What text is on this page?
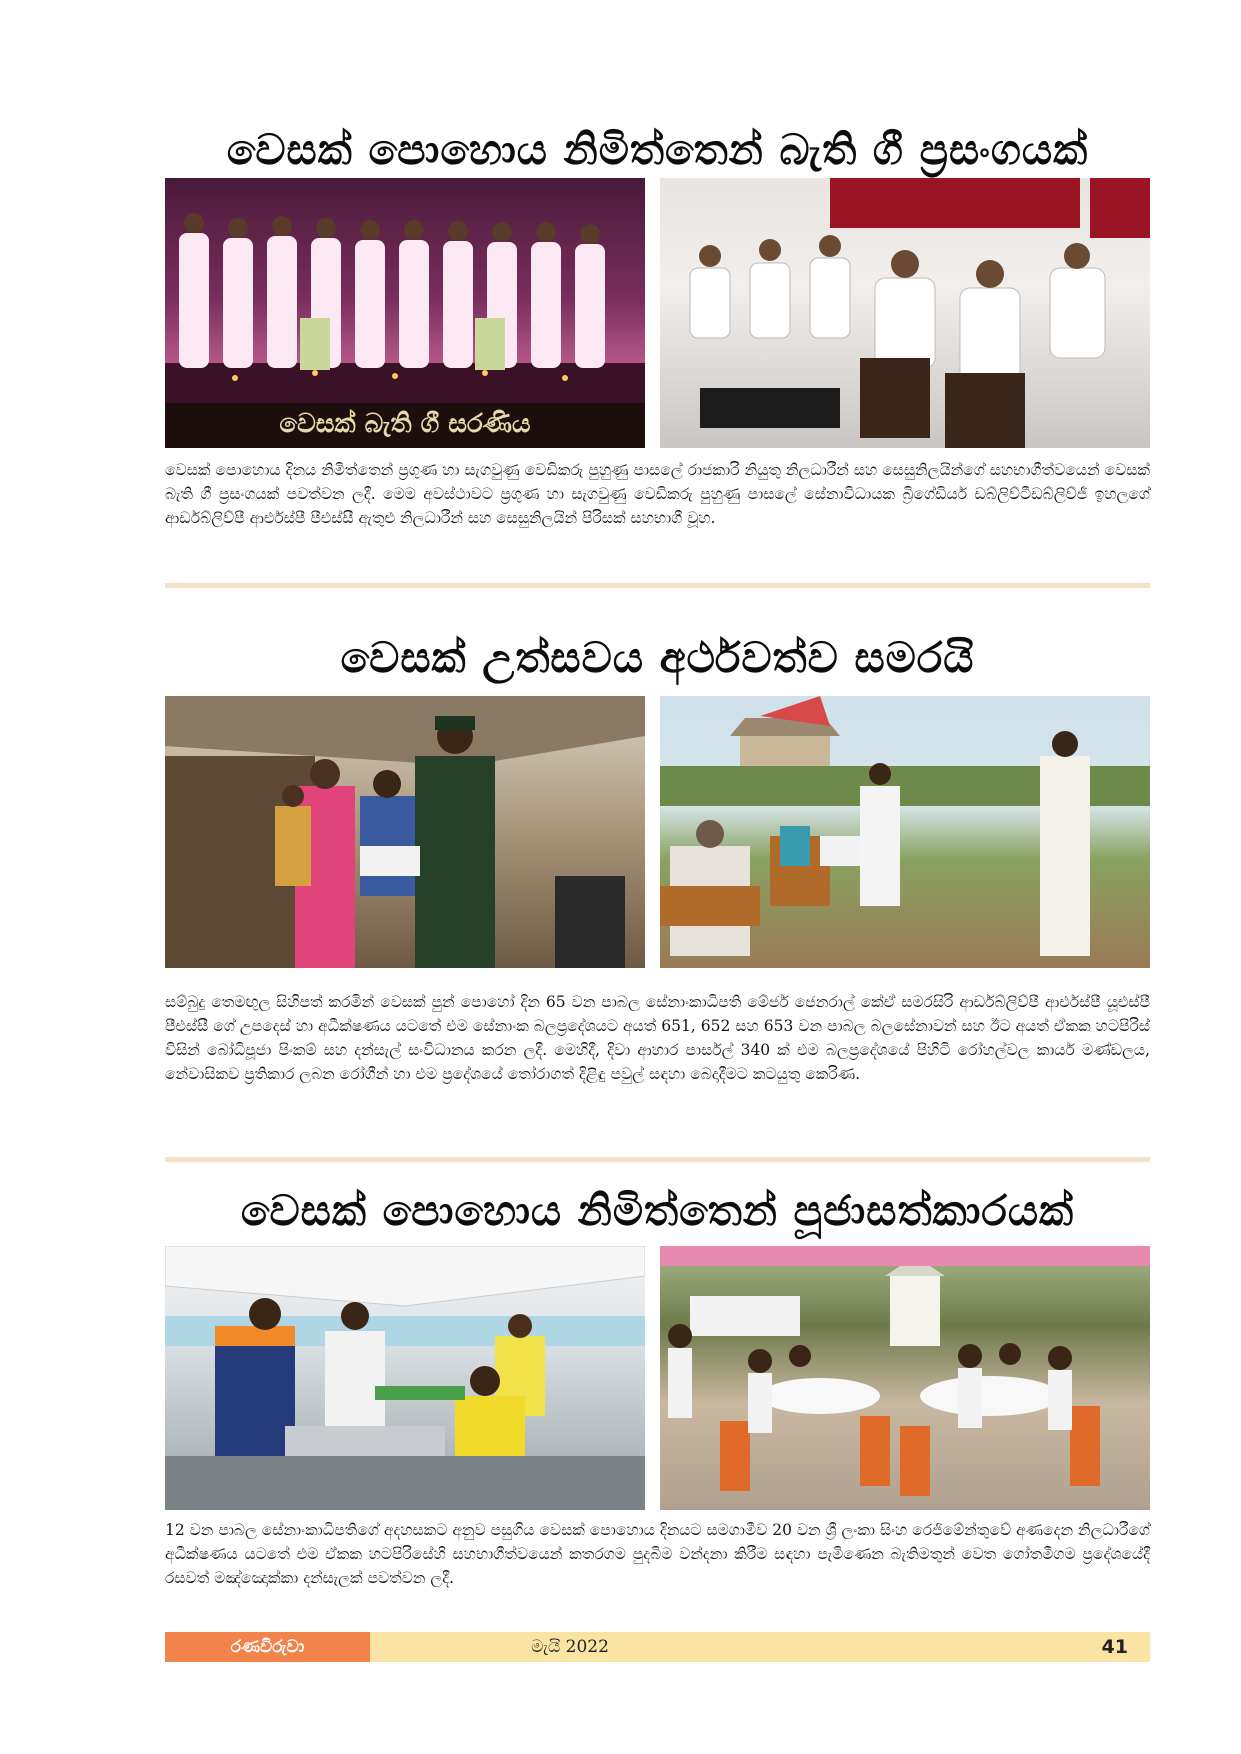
වෙසක් පොහොය නිමිත්තෙන් බැති ගී ප්‍රසංගයක්
වෙසක් බැති ගී සරණිය
වෙසක් පොහොය දිනය නිමිත්තෙන් ප්‍රගුණ හා සැගවුණු වෙඩිකරු පුහුණු පාසලේ රාජකාරි නියුතු නිලධාරීන් සහ සෙසුනිලයින්ගේ සහභාගීත්වයෙන් වෙසක් බැති ගී ප්‍රසංගයක් පවත්වන ලදී. මෙම අවස්ථාවට ප්‍රගුණ හා සැගවුණු වෙඩිකරු පුහුණු පාසලේ සේනාවිධායක බ්‍රිගේඩියර් ඩබ්ලිව්ටීඩබ්ලිව්ජී ඉහලගේ ආර්ඩබ්ලිව්පී ආර්එස්පී පීඑස්සී ඇතුළු නිලධාරීන් සහ සෙසුනිලයින් පිරිසක් සහභාගී වූහ.
වෙසක් උත්සවය අර්ථවත්ව සමරයි
සම්බුදු තෙමඟුල සිහිපත් කරමින් වෙසක් පුන් පොහෝ දින 65 වන පාබල සේනාංකාධිපති මේජර් ජෙනරාල් කේඒ සමරසිරි ආර්ඩබ්ලිව්පී ආර්එස්පී යූඑස්පී පීඑස්සී ගේ උපදෙස් හා අධීක්ෂණය යටතේ එම සේනාංක බලප්‍රදේශයට අයත් 651, 652 සහ 653 වන පාබල බලසේනාවන් සහ ඊට අයත් ඒකක හටපිරිස් විසින් බෝධිපූජා පිංකම් සහ දන්සැල් සංවිධානය කරන ලදී. මෙහිදී, දිවා ආහාර පාර්සල් 340 ක් එම බලප්‍රදේශයේ පිහිටි රෝහල්වල කාර්ය මණ්ඩලය, නේවාසිකව ප්‍රතිකාර ලබන රෝගීන් හා එම ප්‍රදේශයේ තෝරාගත් දිළිඳු පවුල් සඳහා බෙදාදීමට කටයුතු කෙරිණ.
වෙසක් පොහොය නිමිත්තෙන් පූජාසත්කාරයක්
12 වන පාබල සේනාංකාධිපතිගේ අදහසකට අනුව පසුගිය වෙසක් පොහොය දිනයට සමගාමීව 20 වන ශ්‍රී ලංකා සිංහ රෙජිමේන්තුවේ අණදෙන නිලධාරීගේ අධීක්ෂණය යටතේ එම ඒකක හටපිරිසේහි සහභාගීත්වයෙන් කතරගම පුදබිම වන්දනා කිරීම සඳහා පැමිණෙන බැතිමතුන් වෙත ගෝතමීගම ප්‍රදේශයේදී රසවත් මඤ්ඤොක්කා දන්සැලක් පවත්වන ලදී.
රණවිරුවා	මැයි 2022	41
